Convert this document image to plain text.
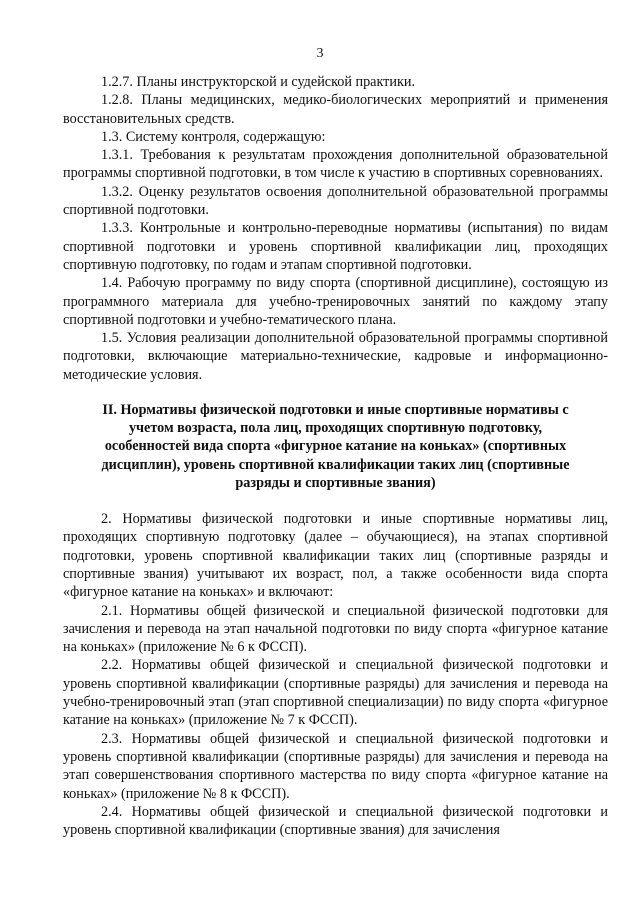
3

1.2.7. Планы инструкторской и судейской практики.

1.2.8. Планы медицинских, медико-биологических мероприятий и применения восстановительных средств.

1.3. Систему контроля, содержащую:

1.3.1. Требования к результатам прохождения дополнительной образовательной программы спортивной подготовки, в том числе к участию в спортивных соревнованиях.

1.3.2. Оценку результатов освоения дополнительной образовательной программы спортивной подготовки.

1.3.3. Контрольные и контрольно-переводные нормативы (испытания) по видам спортивной подготовки и уровень спортивной квалификации лиц, проходящих спортивную подготовку, по годам и этапам спортивной подготовки.

1.4. Рабочую программу по виду спорта (спортивной дисциплине), состоящую из программного материала для учебно-тренировочных занятий по каждому этапу спортивной подготовки и учебно-тематического плана.

1.5. Условия реализации дополнительной образовательной программы спортивной подготовки, включающие материально-технические, кадровые и информационно-методические условия.

II. Нормативы физической подготовки и иные спортивные нормативы с учетом возраста, пола лиц, проходящих спортивную подготовку, особенностей вида спорта «фигурное катание на коньках» (спортивных дисциплин), уровень спортивной квалификации таких лиц (спортивные разряды и спортивные звания)

2. Нормативы физической подготовки и иные спортивные нормативы лиц, проходящих спортивную подготовку (далее – обучающиеся), на этапах спортивной подготовки, уровень спортивной квалификации таких лиц (спортивные разряды и спортивные звания) учитывают их возраст, пол, а также особенности вида спорта «фигурное катание на коньках» и включают:

2.1. Нормативы общей физической и специальной физической подготовки для зачисления и перевода на этап начальной подготовки по виду спорта «фигурное катание на коньках» (приложение № 6 к ФССП).

2.2. Нормативы общей физической и специальной физической подготовки и уровень спортивной квалификации (спортивные разряды) для зачисления и перевода на учебно-тренировочный этап (этап спортивной специализации) по виду спорта «фигурное катание на коньках» (приложение № 7 к ФССП).

2.3. Нормативы общей физической и специальной физической подготовки и уровень спортивной квалификации (спортивные разряды) для зачисления и перевода на этап совершенствования спортивного мастерства по виду спорта «фигурное катание на коньках» (приложение № 8 к ФССП).

2.4. Нормативы общей физической и специальной физической подготовки и уровень спортивной квалификации (спортивные звания) для зачисления
